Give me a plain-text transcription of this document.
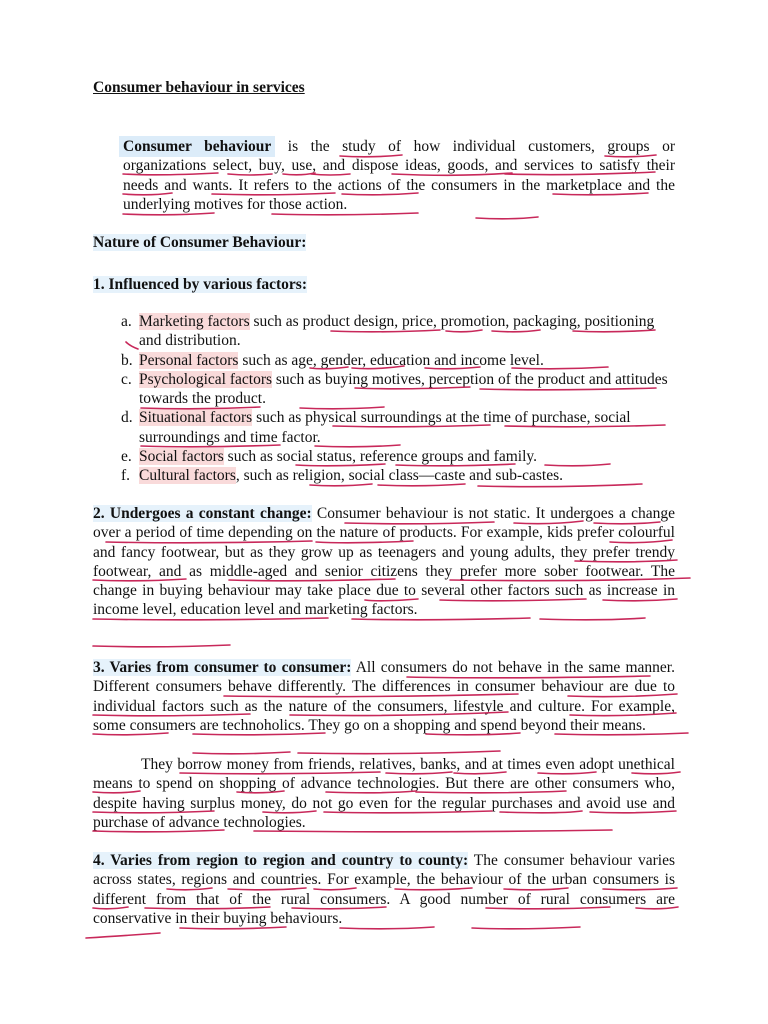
Consumer behaviour in services
Consumer behaviour is the study of how individual customers, groups or organizations select, buy, use, and dispose ideas, goods, and services to satisfy their needs and wants. It refers to the actions of the consumers in the marketplace and the underlying motives for those action.
Nature of Consumer Behaviour:
1. Influenced by various factors:
a. Marketing factors such as product design, price, promotion, packaging, positioning and distribution.
b. Personal factors such as age, gender, education and income level.
c. Psychological factors such as buying motives, perception of the product and attitudes towards the product.
d. Situational factors such as physical surroundings at the time of purchase, social surroundings and time factor.
e. Social factors such as social status, reference groups and family.
f. Cultural factors, such as religion, social class—caste and sub-castes.
2. Undergoes a constant change: Consumer behaviour is not static. It undergoes a change over a period of time depending on the nature of products. For example, kids prefer colourful and fancy footwear, but as they grow up as teenagers and young adults, they prefer trendy footwear, and as middle-aged and senior citizens they prefer more sober footwear. The change in buying behaviour may take place due to several other factors such as increase in income level, education level and marketing factors.
3. Varies from consumer to consumer: All consumers do not behave in the same manner. Different consumers behave differently. The differences in consumer behaviour are due to individual factors such as the nature of the consumers, lifestyle and culture. For example, some consumers are technoholics. They go on a shopping and spend beyond their means.
They borrow money from friends, relatives, banks, and at times even adopt unethical means to spend on shopping of advance technologies. But there are other consumers who, despite having surplus money, do not go even for the regular purchases and avoid use and purchase of advance technologies.
4. Varies from region to region and country to county: The consumer behaviour varies across states, regions and countries. For example, the behaviour of the urban consumers is different from that of the rural consumers. A good number of rural consumers are conservative in their buying behaviours.
